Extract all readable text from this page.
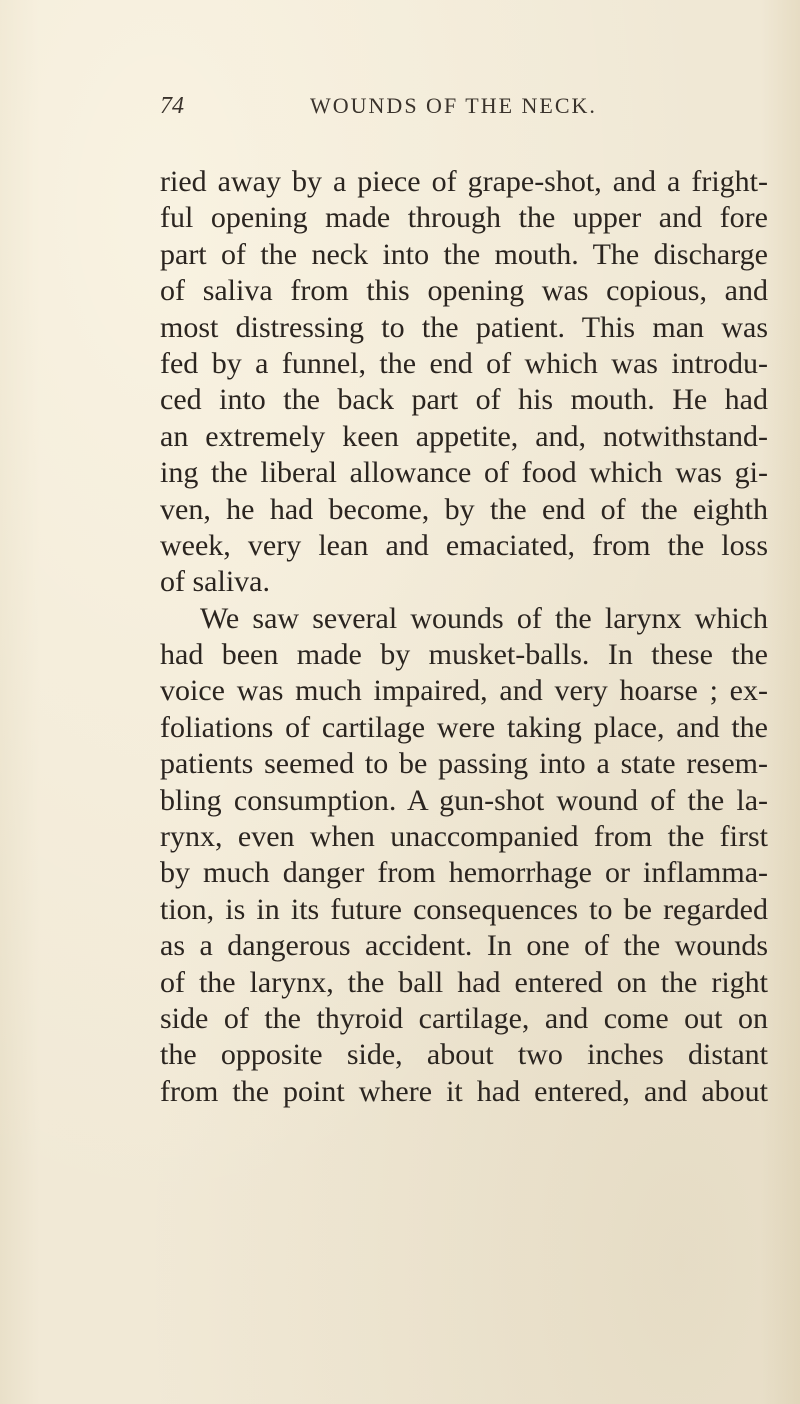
74	WOUNDS OF THE NECK.
ried away by a piece of grape-shot, and a fright-
ful opening made through the upper and fore
part of the neck into the mouth. The discharge
of saliva from this opening was copious, and
most distressing to the patient. This man was
fed by a funnel, the end of which was introdu-
ced into the back part of his mouth. He had
an extremely keen appetite, and, notwithstand-
ing the liberal allowance of food which was gi-
ven, he had become, by the end of the eighth
week, very lean and emaciated, from the loss
of saliva.
We saw several wounds of the larynx which
had been made by musket-balls. In these the
voice was much impaired, and very hoarse ; ex-
foliations of cartilage were taking place, and the
patients seemed to be passing into a state resem-
bling consumption. A gun-shot wound of the la-
rynx, even when unaccompanied from the first
by much danger from hemorrhage or inflamma-
tion, is in its future consequences to be regarded
as a dangerous accident. In one of the wounds
of the larynx, the ball had entered on the right
side of the thyroid cartilage, and come out on
the opposite side, about two inches distant
from the point where it had entered, and about
